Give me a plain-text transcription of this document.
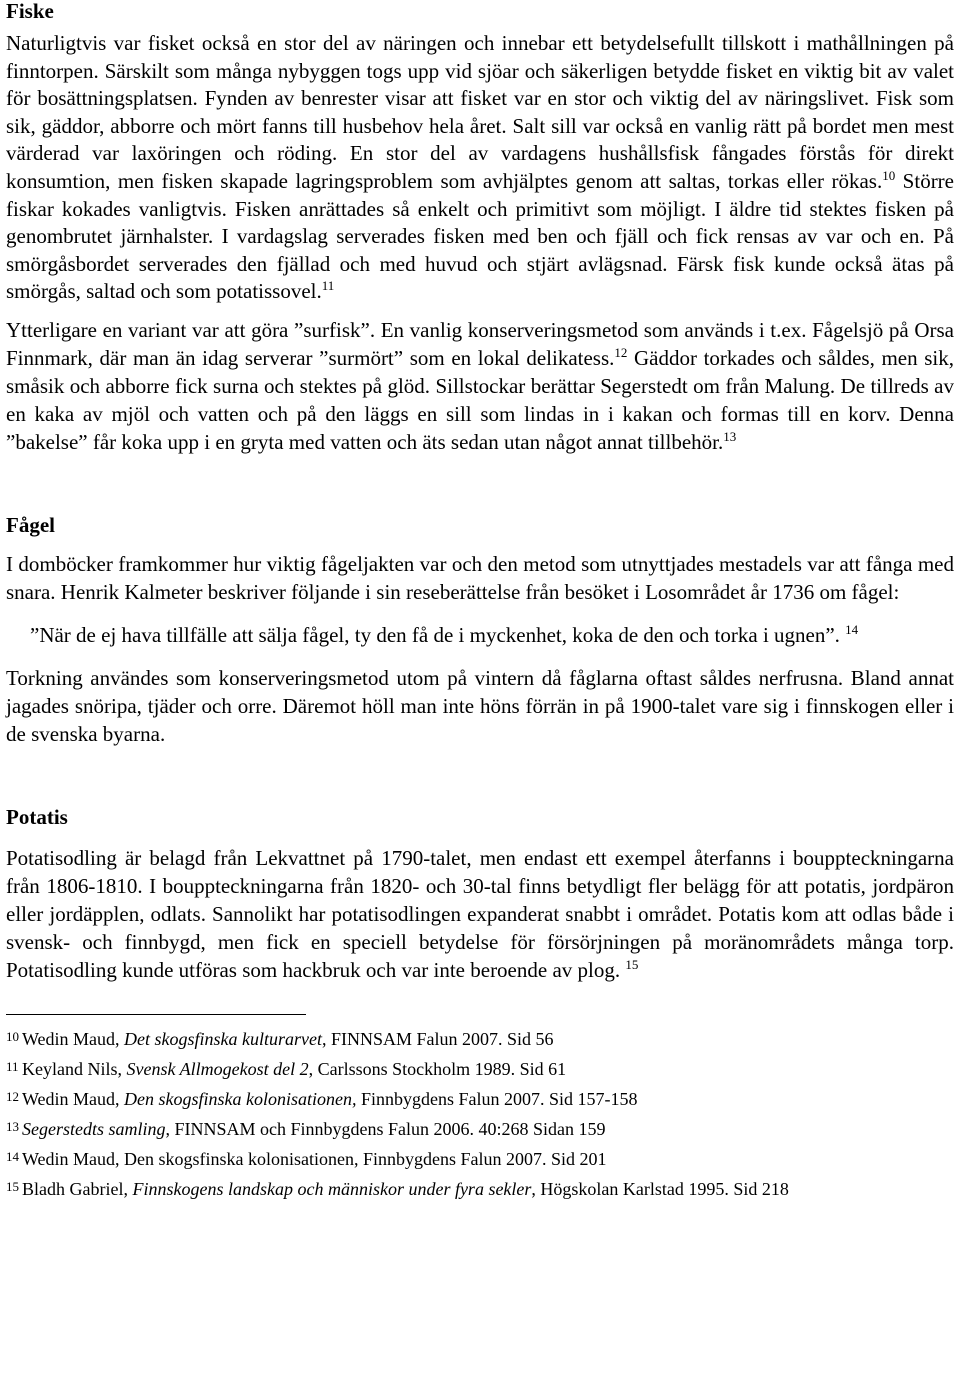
Fiske

Naturligtvis var fisket också en stor del av näringen och innebar ett betydelsefullt tillskott i mathållningen på finntorpen. Särskilt som många nybyggen togs upp vid sjöar och säkerligen betydde fisket en viktig bit av valet för bosättningsplatsen. Fynden av benrester visar att fisket var en stor och viktig del av näringslivet. Fisk som sik, gäddor, abborre och mört fanns till husbehov hela året. Salt sill var också en vanlig rätt på bordet men mest värderad var laxöringen och röding. En stor del av vardagens hushållsfisk fångades förstås för direkt konsumtion, men fisken skapade lagringsproblem som avhjälptes genom att saltas, torkas eller rökas.$^{10}$ Större fiskar kokades vanligtvis. Fisken anrättades så enkelt och primitivt som möjligt. I äldre tid stektes fisken på genombrutet järnhalster. I vardagslag serverades fisken med ben och fjäll och fick rensas av var och en. På smörgåsbordet serverades den fjällad och med huvud och stjärt avlägsnad. Färsk fisk kunde också ätas på smörgås, saltad och som potatissovel.$^{11}$

Ytterligare en variant var att göra ”surfisk”. En vanlig konserveringsmetod som används i t.ex. Fågelsjö på Orsa Finnmark, där man än idag serverar ”surmört” som en lokal delikatess.$^{12}$ Gäddor torkades och såldes, men sik, småsik och abborre fick surna och stektes på glöd. Sillstockar berättar Segerstedt om från Malung. De tillreds av en kaka av mjöl och vatten och på den läggs en sill som lindas in i kakan och formas till en korv. Denna ”bakelse” får koka upp i en gryta med vatten och äts sedan utan något annat tillbehör.$^{13}$

Fågel

I domböcker framkommer hur viktig fågeljakten var och den metod som utnyttjades mestadels var att fånga med snara. Henrik Kalmeter beskriver följande i sin reseberättelse från besöket i Losområdet år 1736 om fågel:

”När de ej hava tillfälle att sälja fågel, ty den få de i myckenhet, koka de den och torka i ugnen”. $^{14}$

Torkning användes som konserveringsmetod utom på vintern då fåglarna oftast såldes nerfrusna. Bland annat jagades snöripa, tjäder och orre. Däremot höll man inte höns förrän in på 1900-talet vare sig i finnskogen eller i de svenska byarna.

Potatis

Potatisodling är belagd från Lekvattnet på 1790-talet, men endast ett exempel återfanns i bouppteckningarna från 1806-1810. I bouppteckningarna från 1820- och 30-tal finns betydligt fler belägg för att potatis, jordpäron eller jordäpplen, odlats. Sannolikt har potatisodlingen expanderat snabbt i området. Potatis kom att odlas både i svensk- och finnbygd, men fick en speciell betydelse för försörjningen på moränområdets många torp. Potatisodling kunde utföras som hackbruk och var inte beroende av plog. $^{15}$

10 Wedin Maud, Det skogsfinska kulturarvet, FINNSAM Falun 2007. Sid 56

11 Keyland Nils, Svensk Allmogekost del 2, Carlssons Stockholm 1989. Sid 61

12 Wedin Maud, Den skogsfinska kolonisationen, Finnbygdens Falun 2007. Sid 157-158

13 Segerstedts samling, FINNSAM och Finnbygdens Falun 2006. 40:268 Sidan 159

14 Wedin Maud, Den skogsfinska kolonisationen, Finnbygdens Falun 2007. Sid 201

15 Bladh Gabriel, Finnskogens landskap och människor under fyra sekler, Högskolan Karlstad 1995. Sid 218
